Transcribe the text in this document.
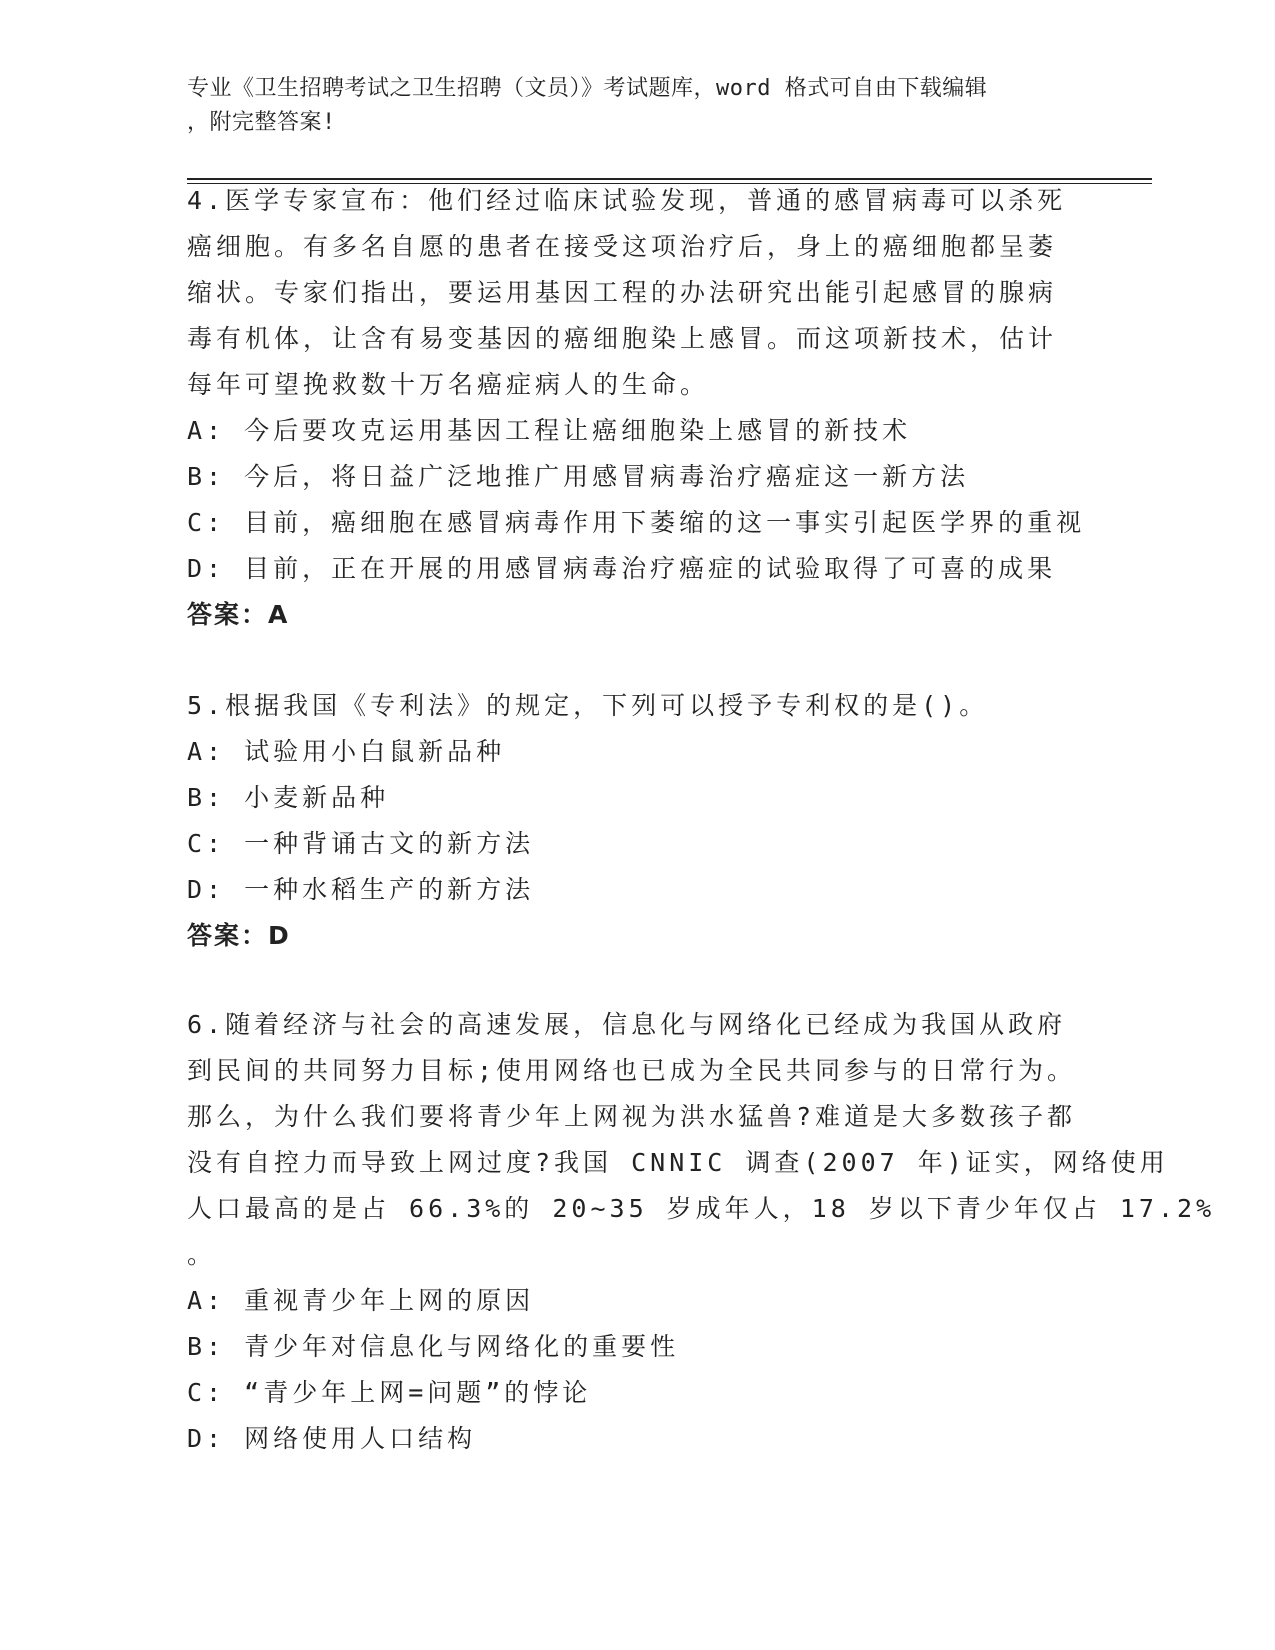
专业《卫生招聘考试之卫生招聘（文员）》考试题库，word 格式可自由下载编辑
，附完整答案!
4.医学专家宣布：他们经过临床试验发现，普通的感冒病毒可以杀死
癌细胞。有多名自愿的患者在接受这项治疗后，身上的癌细胞都呈萎
缩状。专家们指出，要运用基因工程的办法研究出能引起感冒的腺病
毒有机体，让含有易变基因的癌细胞染上感冒。而这项新技术，估计
每年可望挽救数十万名癌症病人的生命。
A: 今后要攻克运用基因工程让癌细胞染上感冒的新技术
B: 今后，将日益广泛地推广用感冒病毒治疗癌症这一新方法
C: 目前，癌细胞在感冒病毒作用下萎缩的这一事实引起医学界的重视
D: 目前，正在开展的用感冒病毒治疗癌症的试验取得了可喜的成果
答案：A
5.根据我国《专利法》的规定，下列可以授予专利权的是()。
A: 试验用小白鼠新品种
B: 小麦新品种
C: 一种背诵古文的新方法
D: 一种水稻生产的新方法
答案：D
6.随着经济与社会的高速发展，信息化与网络化已经成为我国从政府
到民间的共同努力目标;使用网络也已成为全民共同参与的日常行为。
那么，为什么我们要将青少年上网视为洪水猛兽?难道是大多数孩子都
没有自控力而导致上网过度?我国 CNNIC 调查(2007 年)证实，网络使用
人口最高的是占 66.3%的 20~35 岁成年人，18 岁以下青少年仅占 17.2%
。
A: 重视青少年上网的原因
B: 青少年对信息化与网络化的重要性
C: “青少年上网=问题”的悖论
D: 网络使用人口结构
